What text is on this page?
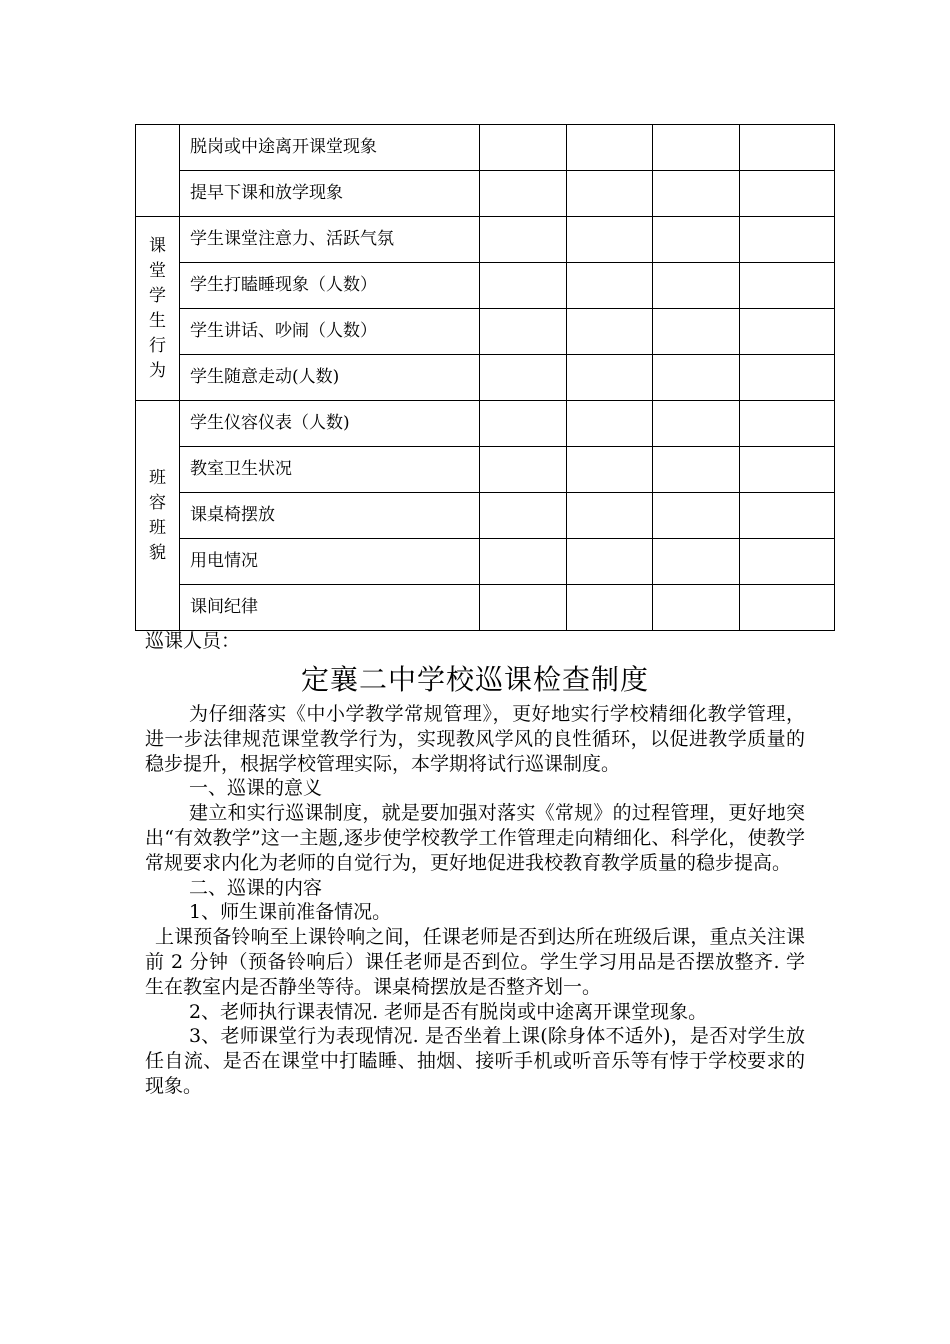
	脱岗或中途离开课堂现象				
	提早下课和放学现象				
课堂学生行为	学生课堂注意力、活跃气氛				
	学生打瞌睡现象（人数）				
	学生讲话、吵闹（人数）				
	学生随意走动(人数)				
班容班貌	学生仪容仪表（人数)				
	教室卫生状况				
	课桌椅摆放				
	用电情况				
	课间纪律				
巡课人员：
定襄二中学校巡课检查制度

为仔细落实《中小学教学常规管理》，更好地实行学校精细化教学管理，进一步法律规范课堂教学行为，实现教风学风的良性循环，以促进教学质量的稳步提升，根据学校管理实际，本学期将试行巡课制度。

一、巡课的意义

建立和实行巡课制度，就是要加强对落实《常规》的过程管理，更好地突出“有效教学”这一主题,逐步使学校教学工作管理走向精细化、科学化，使教学常规要求内化为老师的自觉行为，更好地促进我校教育教学质量的稳步提高。

二、巡课的内容

1、师生课前准备情况。

上课预备铃响至上课铃响之间，任课老师是否到达所在班级后课，重点关注课前 2 分钟（预备铃响后）课任老师是否到位。学生学习用品是否摆放整齐. 学生在教室内是否静坐等待。课桌椅摆放是否整齐划一。

2、老师执行课表情况. 老师是否有脱岗或中途离开课堂现象。

3、老师课堂行为表现情况. 是否坐着上课(除身体不适外)，是否对学生放任自流、是否在课堂中打瞌睡、抽烟、接听手机或听音乐等有悖于学校要求的现象。
